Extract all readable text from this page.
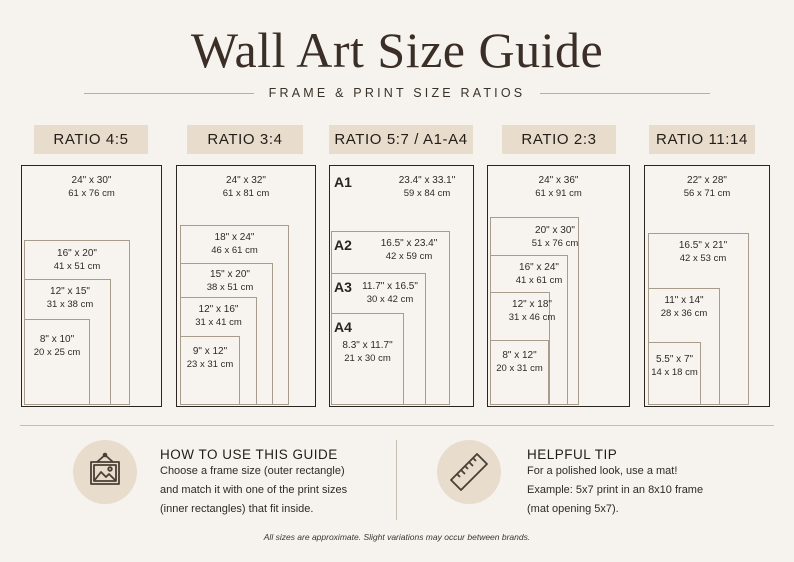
Wall Art Size Guide
FRAME & PRINT SIZE RATIOS
RATIO 4:5	RATIO 3:4	RATIO 5:7 / A1-A4	RATIO 2:3	RATIO 11:14
24" x 30"
61 x 76 cm
16" x 20"
41 x 51 cm
12" x 15"
31 x 38 cm
8" x 10"
20 x 25 cm
24" x 32"
61 x 81 cm
18" x 24"
46 x 61 cm
15" x 20"
38 x 51 cm
12" x 16"
31 x 41 cm
9" x 12"
23 x 31 cm
A1	23.4" x 33.1"
59 x 84 cm
A2	16.5" x 23.4"
42 x 59 cm
A3	11.7" x 16.5"
30 x 42 cm
A4
8.3" x 11.7"
21 x 30 cm
24" x 36"
61 x 91 cm
20" x 30"
51 x 76 cm
16" x 24"
41 x 61 cm
12" x 18"
31 x 46 cm
8" x 12"
20 x 31 cm
22" x 28"
56 x 71 cm
16.5" x 21"
42 x 53 cm
11" x 14"
28 x 36 cm
5.5" x 7"
14 x 18 cm
HOW TO USE THIS GUIDE
Choose a frame size (outer rectangle)
and match it with one of the print sizes
(inner rectangles) that fit inside.
HELPFUL TIP
For a polished look, use a mat!
Example: 5x7 print in an 8x10 frame
(mat opening 5x7).
All sizes are approximate. Slight variations may occur between brands.
